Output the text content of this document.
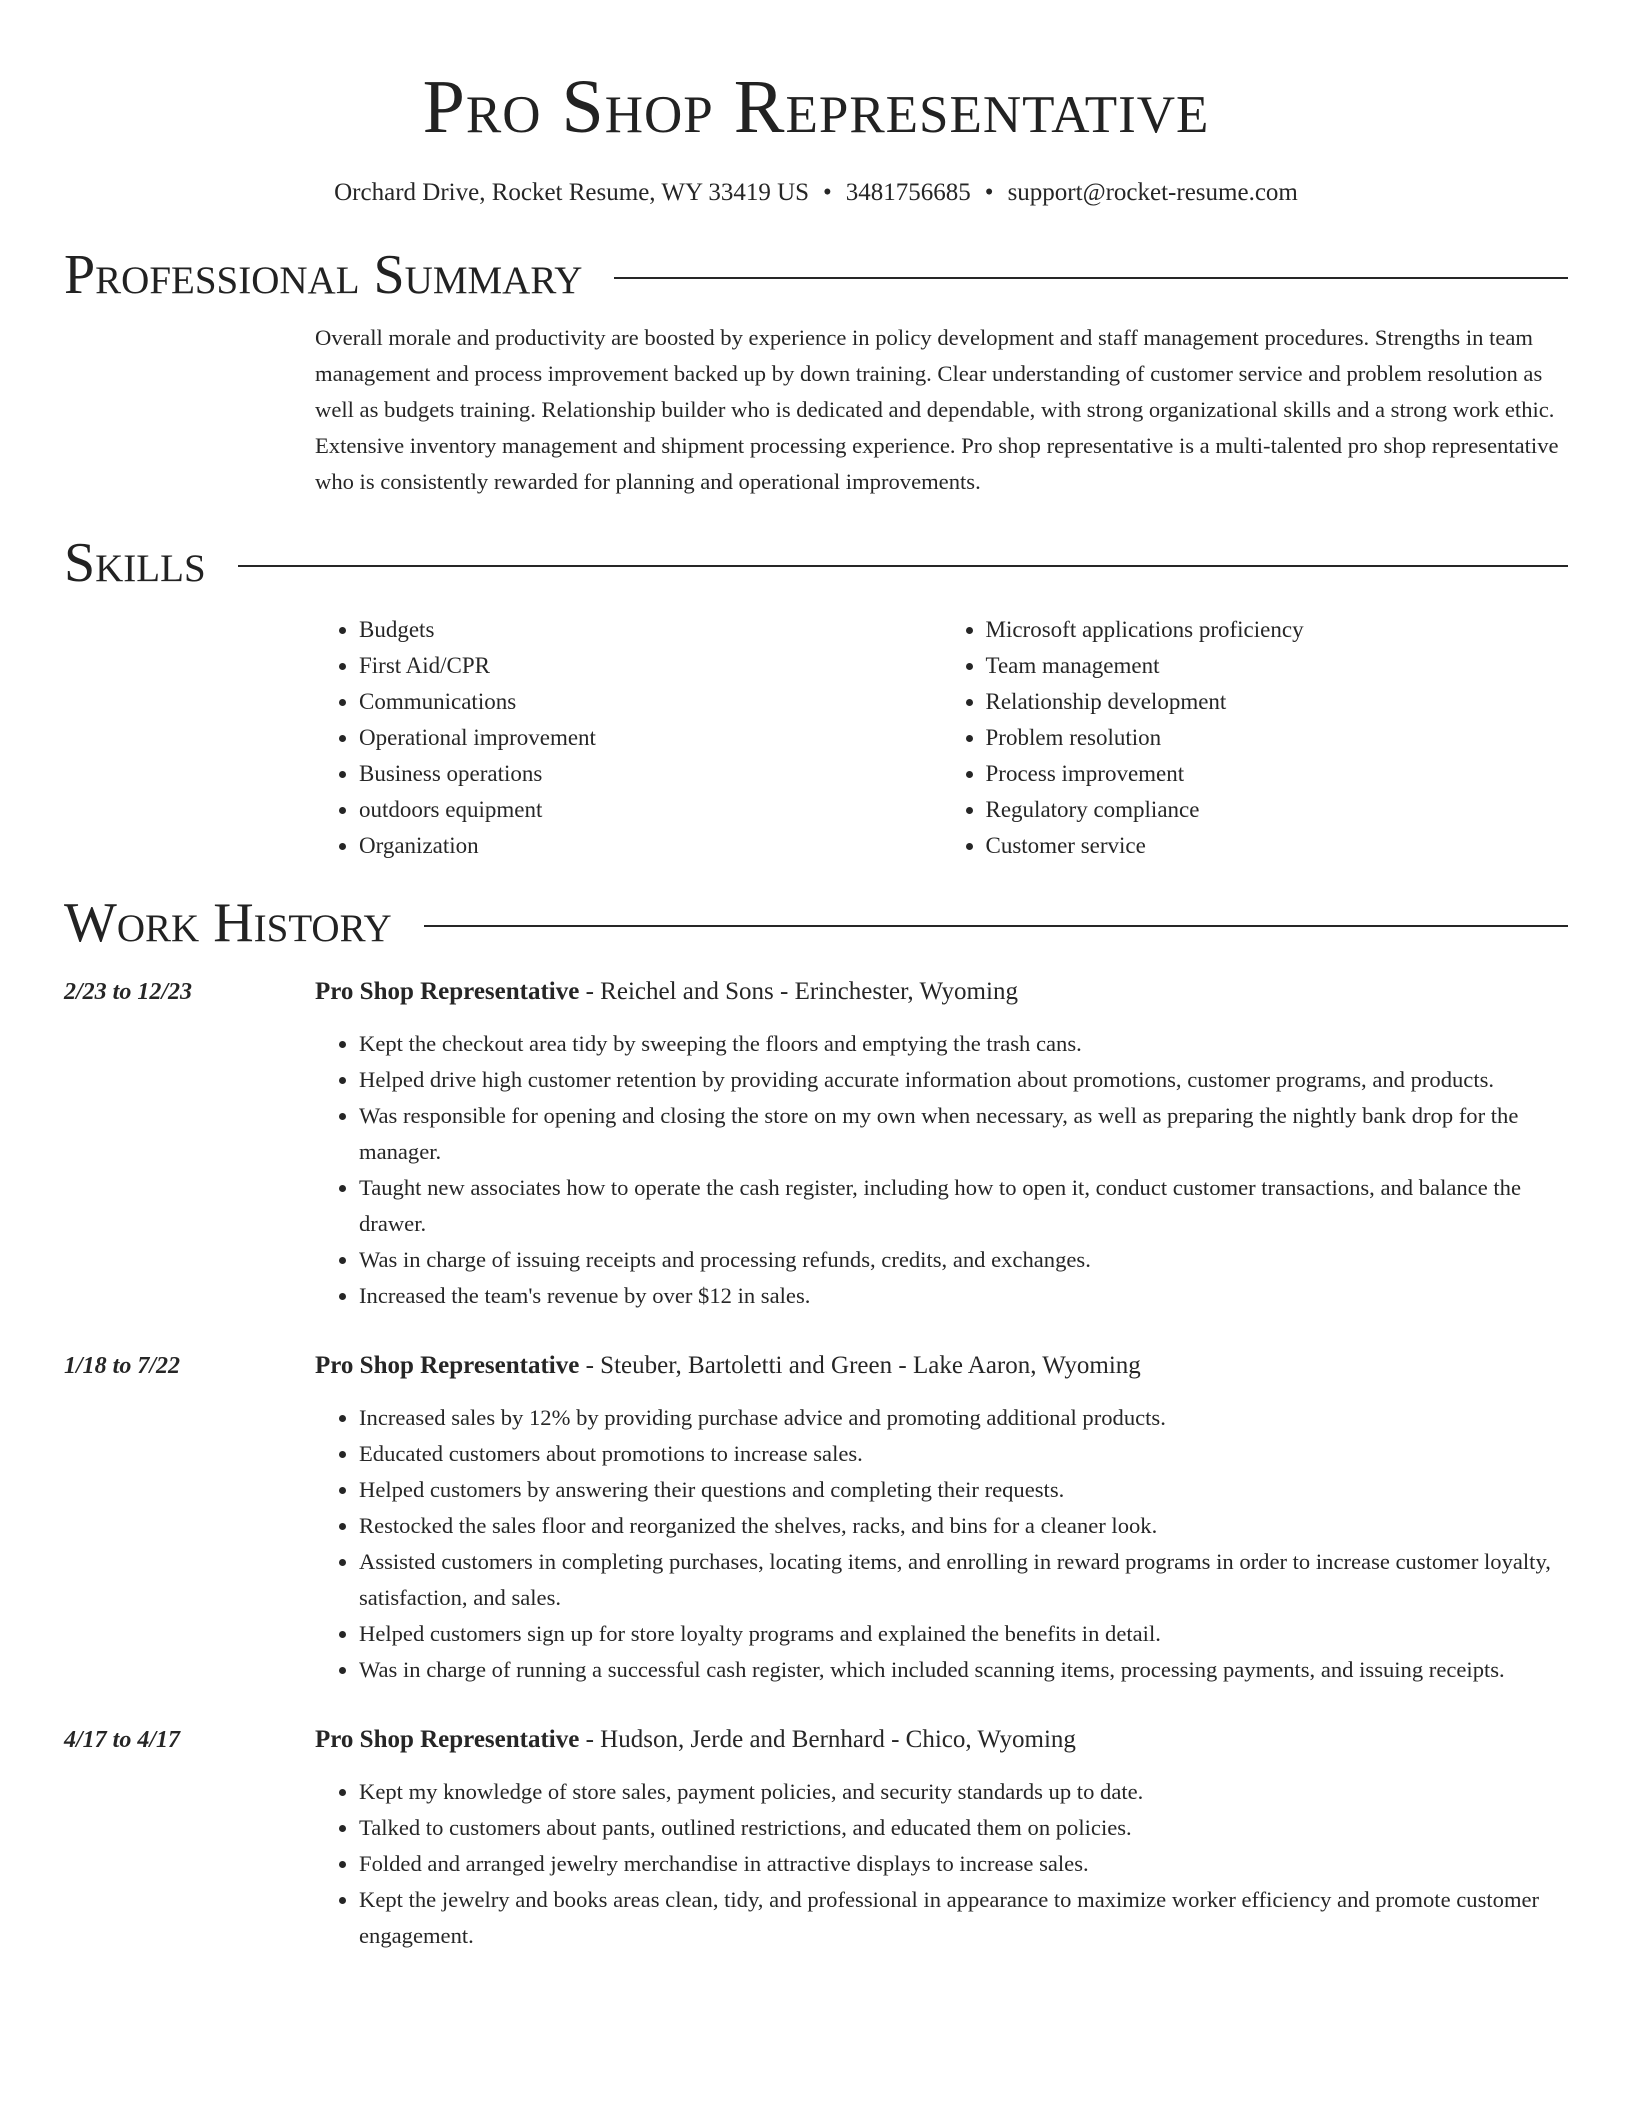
Pro Shop Representative
Orchard Drive, Rocket Resume, WY 33419 US • 3481756685 • support@rocket-resume.com
Professional Summary

Overall morale and productivity are boosted by experience in policy development and staff management procedures. Strengths in team management and process improvement backed up by down training. Clear understanding of customer service and problem resolution as well as budgets training. Relationship builder who is dedicated and dependable, with strong organizational skills and a strong work ethic. Extensive inventory management and shipment processing experience. Pro shop representative is a multi-talented pro shop representative who is consistently rewarded for planning and operational improvements.

Skills
• Budgets
• First Aid/CPR
• Communications
• Operational improvement
• Business operations
• outdoors equipment
• Organization
• Microsoft applications proficiency
• Team management
• Relationship development
• Problem resolution
• Process improvement
• Regulatory compliance
• Customer service
Work History
2/23 to 12/23	Pro Shop Representative - Reichel and Sons - Erinchester, Wyoming
• Kept the checkout area tidy by sweeping the floors and emptying the trash cans.
• Helped drive high customer retention by providing accurate information about promotions, customer programs, and products.
• Was responsible for opening and closing the store on my own when necessary, as well as preparing the nightly bank drop for the manager.
• Taught new associates how to operate the cash register, including how to open it, conduct customer transactions, and balance the drawer.
• Was in charge of issuing receipts and processing refunds, credits, and exchanges.
• Increased the team's revenue by over $12 in sales.
1/18 to 7/22	Pro Shop Representative - Steuber, Bartoletti and Green - Lake Aaron, Wyoming
• Increased sales by 12% by providing purchase advice and promoting additional products.
• Educated customers about promotions to increase sales.
• Helped customers by answering their questions and completing their requests.
• Restocked the sales floor and reorganized the shelves, racks, and bins for a cleaner look.
• Assisted customers in completing purchases, locating items, and enrolling in reward programs in order to increase customer loyalty, satisfaction, and sales.
• Helped customers sign up for store loyalty programs and explained the benefits in detail.
• Was in charge of running a successful cash register, which included scanning items, processing payments, and issuing receipts.
4/17 to 4/17	Pro Shop Representative - Hudson, Jerde and Bernhard - Chico, Wyoming
• Kept my knowledge of store sales, payment policies, and security standards up to date.
• Talked to customers about pants, outlined restrictions, and educated them on policies.
• Folded and arranged jewelry merchandise in attractive displays to increase sales.
• Kept the jewelry and books areas clean, tidy, and professional in appearance to maximize worker efficiency and promote customer engagement.
